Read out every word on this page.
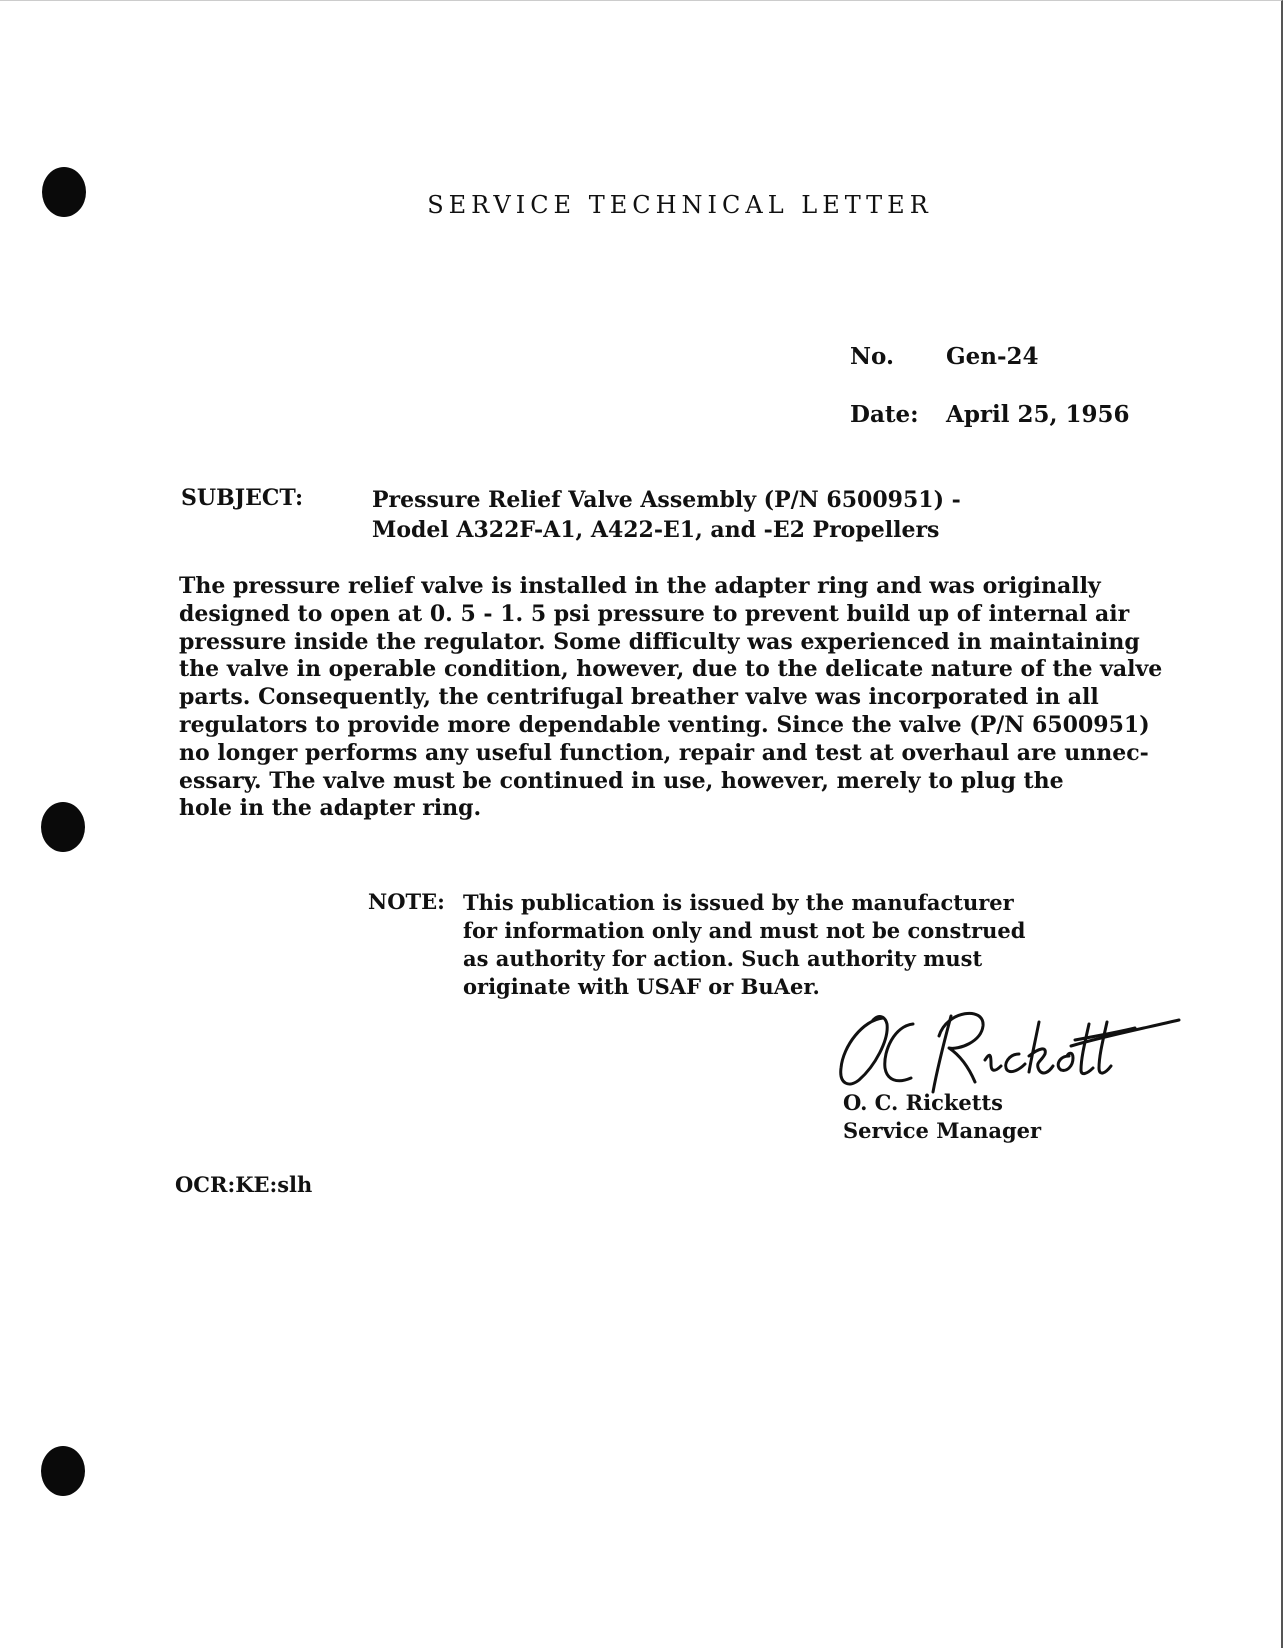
SERVICE TECHNICAL LETTER
No. Gen-24
Date: April 25, 1956
SUBJECT:	Pressure Relief Valve Assembly (P/N 6500951) -
Model A322F-A1, A422-E1, and -E2 Propellers
The pressure relief valve is installed in the adapter ring and was originally
designed to open at 0. 5 - 1. 5 psi pressure to prevent build up of internal air
pressure inside the regulator. Some difficulty was experienced in maintaining
the valve in operable condition, however, due to the delicate nature of the valve
parts. Consequently, the centrifugal breather valve was incorporated in all
regulators to provide more dependable venting. Since the valve (P/N 6500951)
no longer performs any useful function, repair and test at overhaul are unnec-
essary. The valve must be continued in use, however, merely to plug the
hole in the adapter ring.
NOTE: This publication is issued by the manufacturer
for information only and must not be construed
as authority for action. Such authority must
originate with USAF or BuAer.
O. C. Ricketts
Service Manager
OCR:KE:slh
